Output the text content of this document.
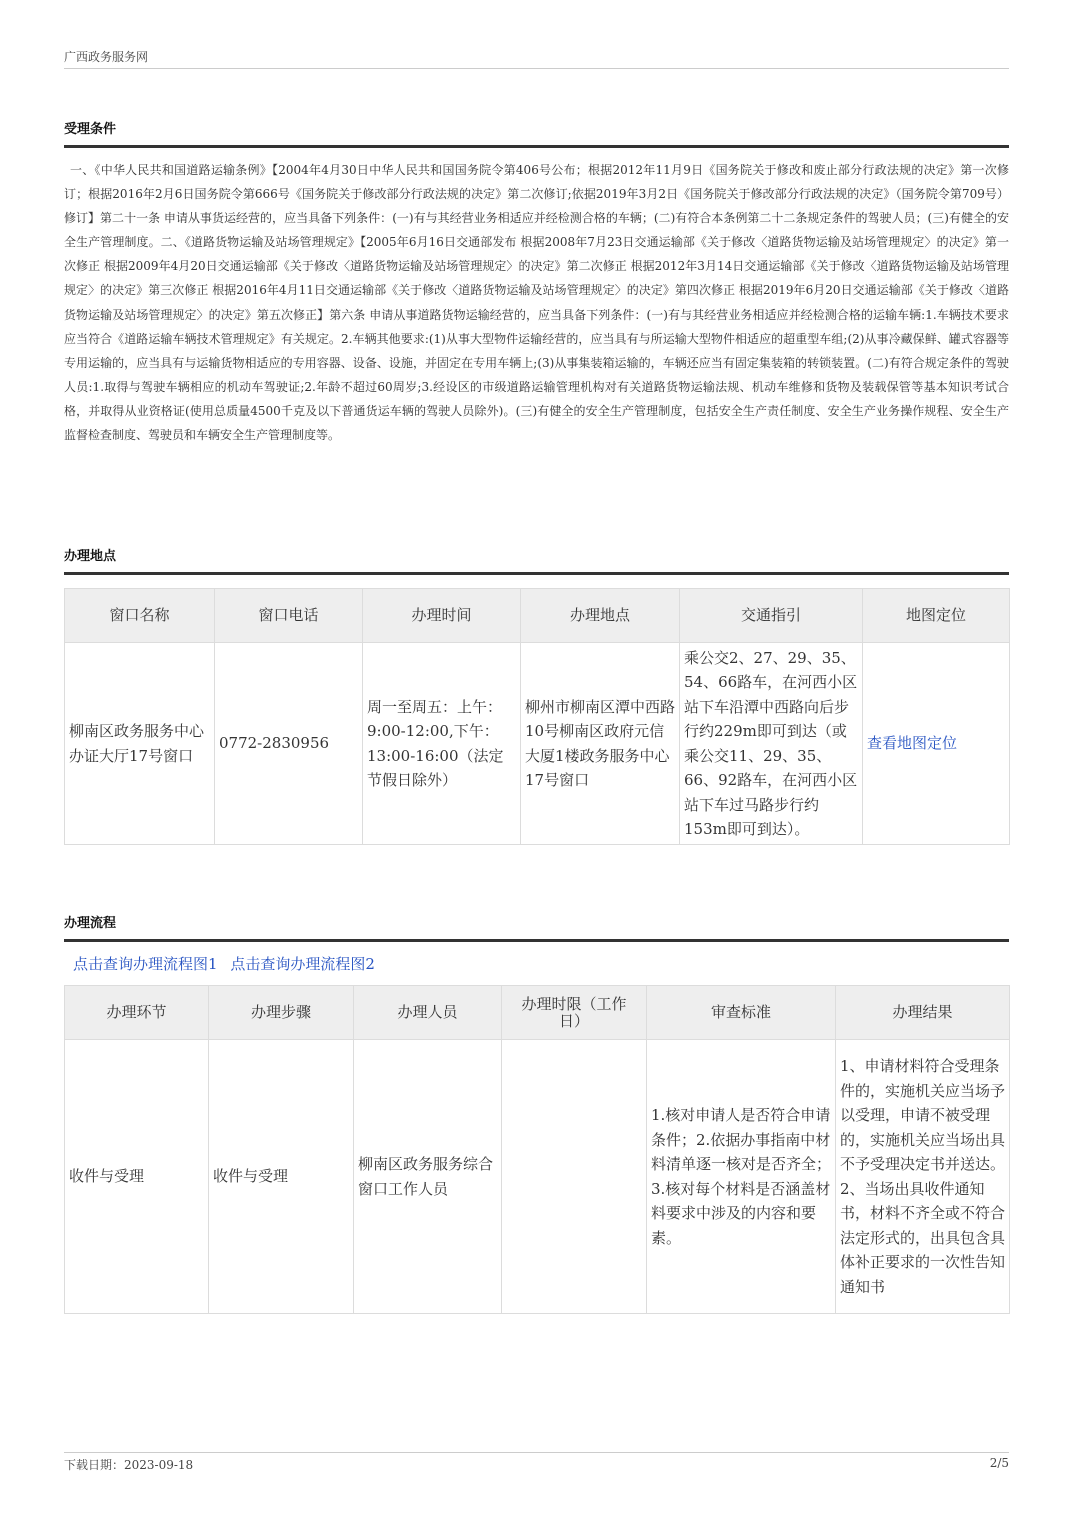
广西政务服务网
受理条件

一、《中华人民共和国道路运输条例》【2004年4月30日中华人民共和国国务院令第406号公布；根据2012年11月9日《国务院关于修改和废止部分行政法规的决定》第一次修订；根据2016年2月6日国务院令第666号《国务院关于修改部分行政法规的决定》第二次修订;依据2019年3月2日《国务院关于修改部分行政法规的决定》（国务院令第709号）修订】第二十一条 申请从事货运经营的，应当具备下列条件：(一)有与其经营业务相适应并经检测合格的车辆；(二)有符合本条例第二十二条规定条件的驾驶人员；(三)有健全的安全生产管理制度。二、《道路货物运输及站场管理规定》【2005年6月16日交通部发布 根据2008年7月23日交通运输部《关于修改〈道路货物运输及站场管理规定〉的决定》第一次修正 根据2009年4月20日交通运输部《关于修改〈道路货物运输及站场管理规定〉的决定》第二次修正 根据2012年3月14日交通运输部《关于修改〈道路货物运输及站场管理规定〉的决定》第三次修正 根据2016年4月11日交通运输部《关于修改〈道路货物运输及站场管理规定〉的决定》第四次修正 根据2019年6月20日交通运输部《关于修改〈道路货物运输及站场管理规定〉的决定》第五次修正】第六条 申请从事道路货物运输经营的，应当具备下列条件：(一)有与其经营业务相适应并经检测合格的运输车辆:1.车辆技术要求应当符合《道路运输车辆技术管理规定》有关规定。2.车辆其他要求:(1)从事大型物件运输经营的，应当具有与所运输大型物件相适应的超重型车组;(2)从事冷藏保鲜、罐式容器等专用运输的，应当具有与运输货物相适应的专用容器、设备、设施，并固定在专用车辆上;(3)从事集装箱运输的，车辆还应当有固定集装箱的转锁装置。(二)有符合规定条件的驾驶人员:1.取得与驾驶车辆相应的机动车驾驶证;2.年龄不超过60周岁;3.经设区的市级道路运输管理机构对有关道路货物运输法规、机动车维修和货物及装载保管等基本知识考试合格，并取得从业资格证(使用总质量4500千克及以下普通货运车辆的驾驶人员除外)。(三)有健全的安全生产管理制度，包括安全生产责任制度、安全生产业务操作规程、安全生产监督检查制度、驾驶员和车辆安全生产管理制度等。

办理地点
窗口名称	窗口电话	办理时间	办理地点	交通指引	地图定位
柳南区政务服务中心办证大厅17号窗口	0772-2830956	周一至周五：上午：9:00-12:00,下午：13:00-16:00（法定节假日除外）	柳州市柳南区潭中西路10号柳南区政府元信大厦1楼政务服务中心17号窗口	乘公交2、27、29、35、54、66路车，在河西小区站下车沿潭中西路向后步行约229m即可到达（或乘公交11、29、35、66、92路车，在河西小区站下车过马路步行约153m即可到达）。	查看地图定位
办理流程
点击查询办理流程图1 点击查询办理流程图2
办理环节	办理步骤	办理人员	办理时限（工作日）	审查标准	办理结果
收件与受理	收件与受理	柳南区政务服务综合窗口工作人员		1.核对申请人是否符合申请条件；2.依据办事指南中材料清单逐一核对是否齐全；3.核对每个材料是否涵盖材料要求中涉及的内容和要素。	1、申请材料符合受理条件的，实施机关应当场予以受理，申请不被受理的，实施机关应当场出具不予受理决定书并送达。 2、当场出具收件通知书，材料不齐全或不符合法定形式的，出具包含具体补正要求的一次性告知通知书
下载日期：2023-09-18	2/5
